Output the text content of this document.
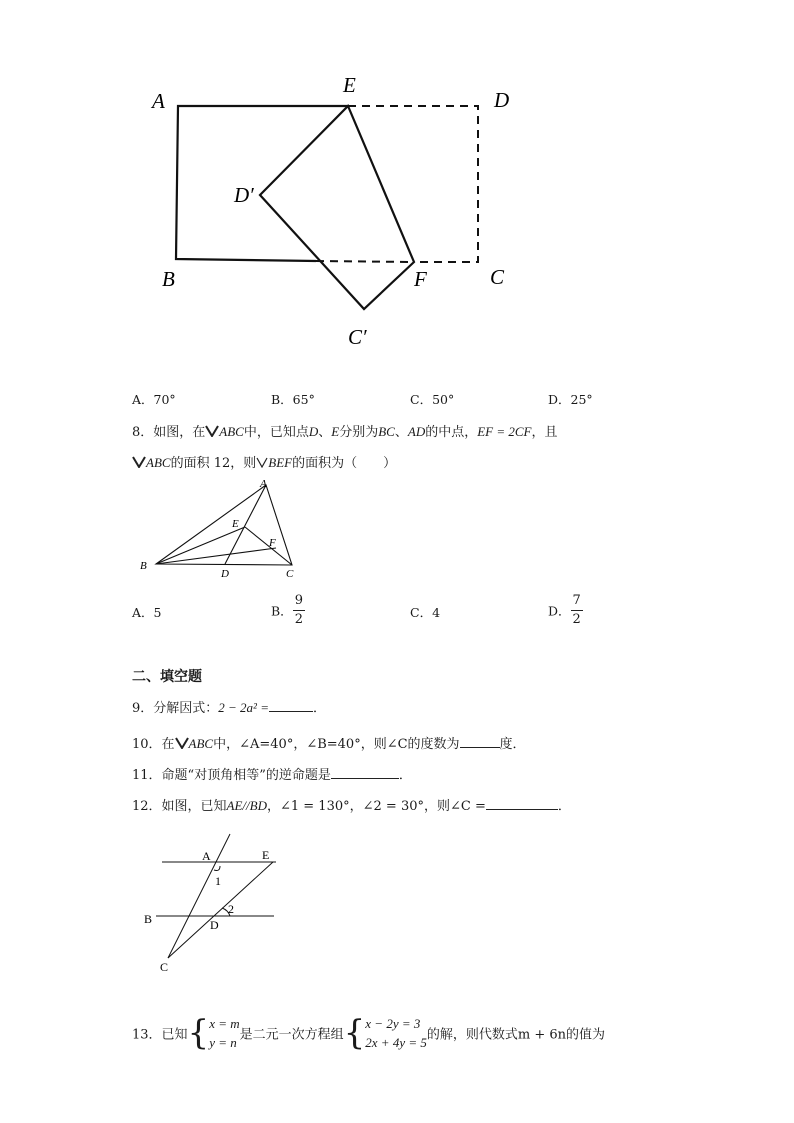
A
E
D
D′
B	F	C
C′
A．70°	B．65°	C．50°	D．25°
8．如图，在 ABC中，已知点D、E分别为BC、AD的中点，EF = 2CF，且
ABC的面积 12，则 BEF的面积为（　　）
A
B
C
D
E
F
A．5	B． $\frac{9}{2}$	C．4	D． $\frac{7}{2}$
二、填空题
9．分解因式：2 − 2a² =	．
10．在 ABC中，∠A=40°，∠B=40°，则∠C的度数为	度．
11．命题“对顶角相等”的逆命题是	．
12．如图，已知AE//BD，∠1 = 130°，∠2 = 30°，则∠C =	．
A	E
1
B
2
D
C
13．已知{ x = m
y = n 是二元一次方程组{ x − 2y = 3
2x + 4y = 5 的解，则代数式m + 6n的值为
